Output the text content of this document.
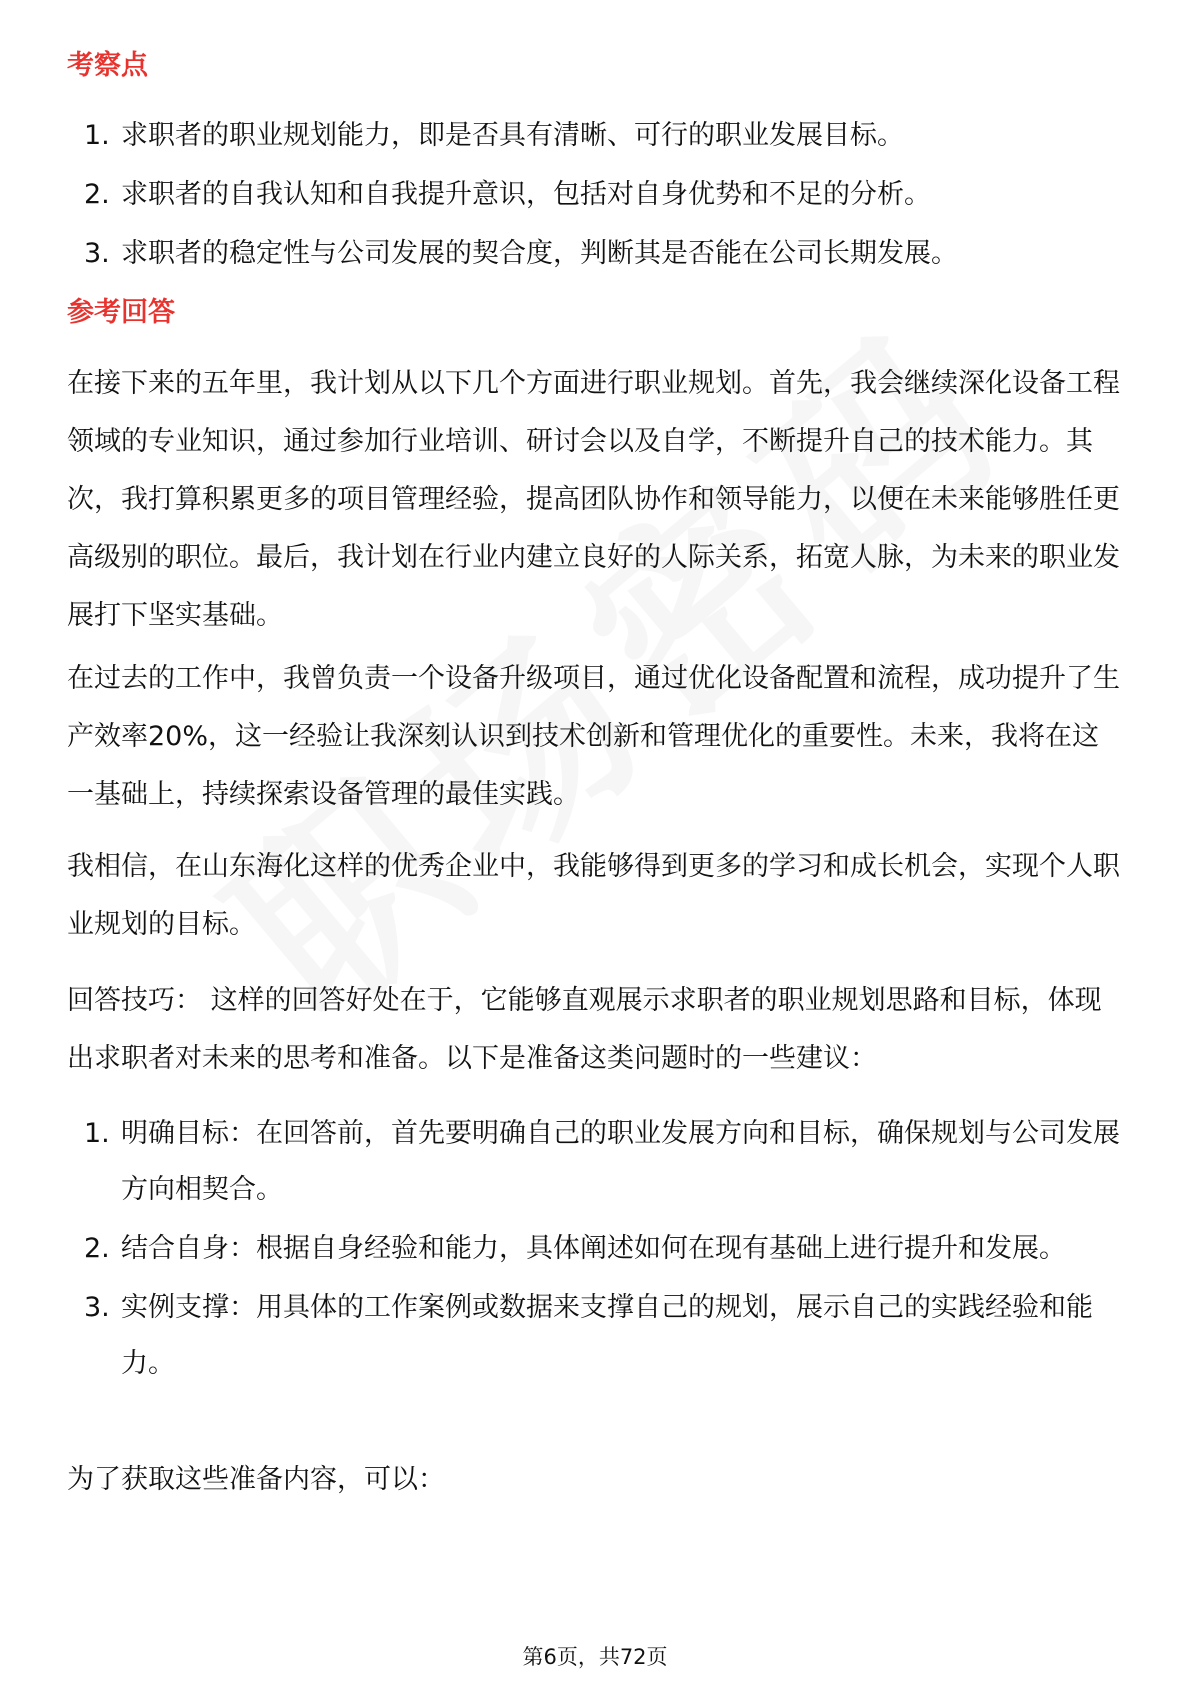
考察点
1. 求职者的职业规划能力，即是否具有清晰、可行的职业发展目标。
2. 求职者的自我认知和自我提升意识，包括对自身优势和不足的分析。
3. 求职者的稳定性与公司发展的契合度，判断其是否能在公司长期发展。
参考回答

在接下来的五年里，我计划从以下几个方面进行职业规划。首先，我会继续深化设备工程领域的专业知识，通过参加行业培训、研讨会以及自学，不断提升自己的技术能力。其次，我打算积累更多的项目管理经验，提高团队协作和领导能力，以便在未来能够胜任更高级别的职位。最后，我计划在行业内建立良好的人际关系，拓宽人脉，为未来的职业发展打下坚实基础。

在过去的工作中，我曾负责一个设备升级项目，通过优化设备配置和流程，成功提升了生产效率20%，这一经验让我深刻认识到技术创新和管理优化的重要性。未来，我将在这一基础上，持续探索设备管理的最佳实践。

我相信，在山东海化这样的优秀企业中，我能够得到更多的学习和成长机会，实现个人职业规划的目标。

回答技巧： 这样的回答好处在于，它能够直观展示求职者的职业规划思路和目标，体现出求职者对未来的思考和准备。以下是准备这类问题时的一些建议：

1. 明确目标：在回答前，首先要明确自己的职业发展方向和目标，确保规划与公司发展方向相契合。
2. 结合自身：根据自身经验和能力，具体阐述如何在现有基础上进行提升和发展。
3. 实例支撑：用具体的工作案例或数据来支撑自己的规划，展示自己的实践经验和能力。

为了获取这些准备内容，可以：

第6页，共72页
